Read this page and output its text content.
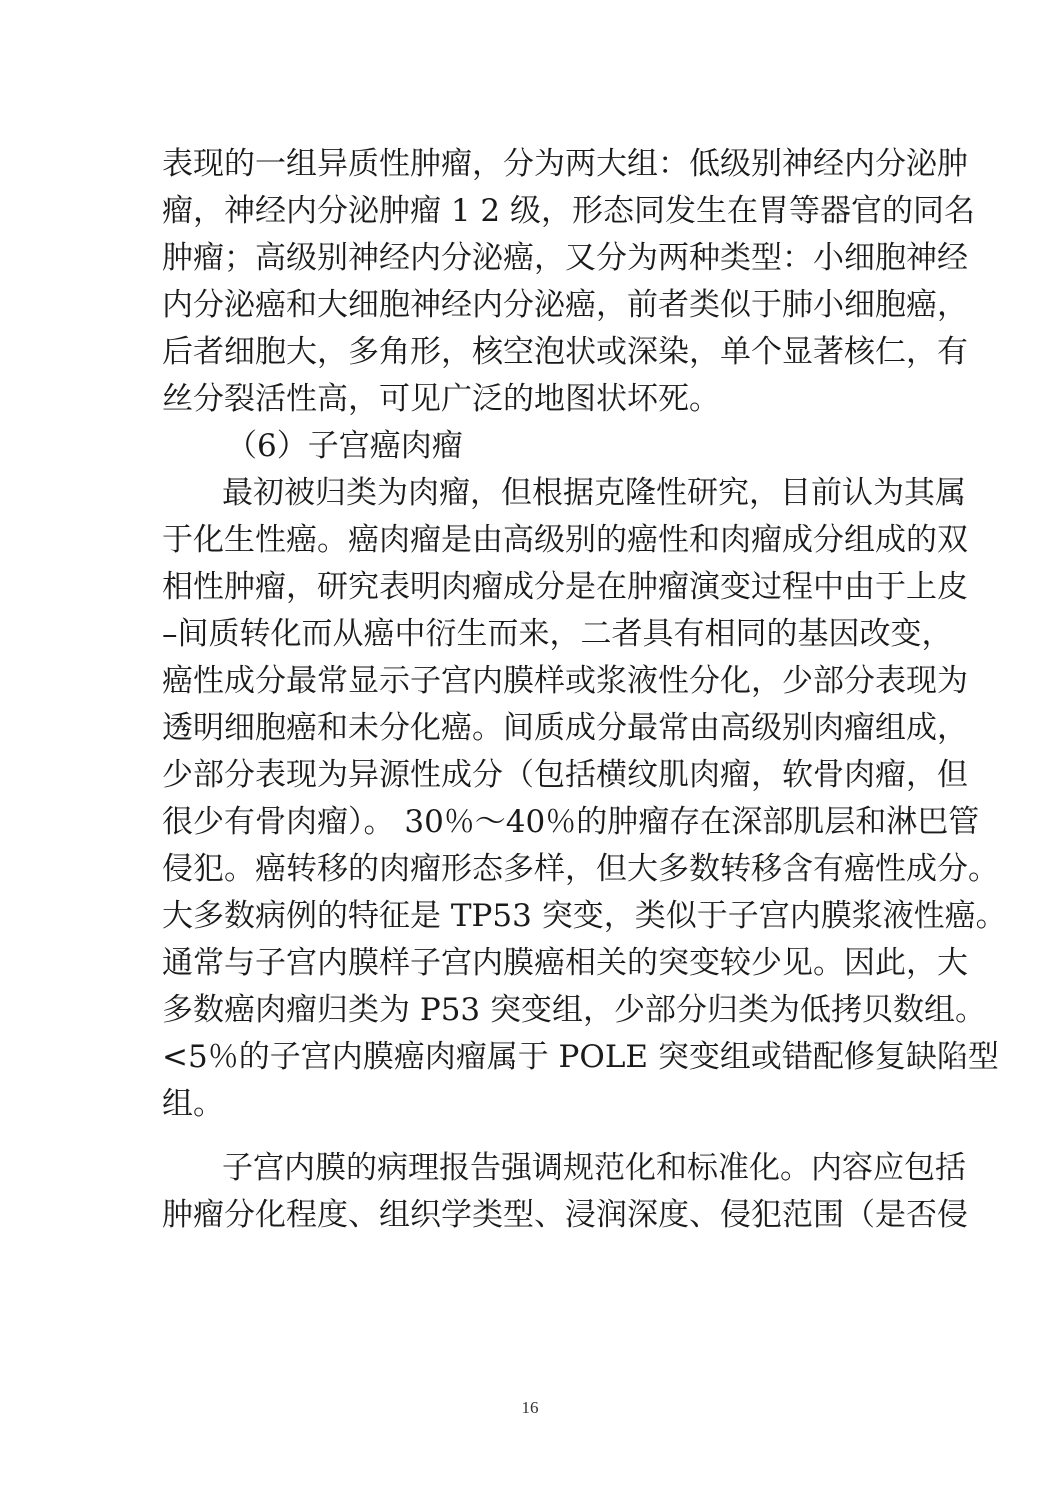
表现的一组异质性肿瘤，分为两大组：低级别神经内分泌肿
瘤，神经内分泌肿瘤 1 2 级，形态同发生在胃等器官的同名
肿瘤；高级别神经内分泌癌，又分为两种类型：小细胞神经
内分泌癌和大细胞神经内分泌癌，前者类似于肺小细胞癌，
后者细胞大，多角形，核空泡状或深染，单个显著核仁，有
丝分裂活性高，可见广泛的地图状坏死。
（6）子宫癌肉瘤
最初被归类为肉瘤，但根据克隆性研究，目前认为其属
于化生性癌。癌肉瘤是由高级别的癌性和肉瘤成分组成的双
相性肿瘤，研究表明肉瘤成分是在肿瘤演变过程中由于上皮
–间质转化而从癌中衍生而来，二者具有相同的基因改变，
癌性成分最常显示子宫内膜样或浆液性分化，少部分表现为
透明细胞癌和未分化癌。间质成分最常由高级别肉瘤组成，
少部分表现为异源性成分（包括横纹肌肉瘤，软骨肉瘤，但
很少有骨肉瘤）。 30％～40％的肿瘤存在深部肌层和淋巴管
侵犯。癌转移的肉瘤形态多样，但大多数转移含有癌性成分。
大多数病例的特征是 TP53 突变，类似于子宫内膜浆液性癌。
通常与子宫内膜样子宫内膜癌相关的突变较少见。因此，大
多数癌肉瘤归类为 P53 突变组，少部分归类为低拷贝数组。
<5％的子宫内膜癌肉瘤属于 POLE 突变组或错配修复缺陷型
组。
子宫内膜的病理报告强调规范化和标准化。内容应包括
肿瘤分化程度、组织学类型、浸润深度、侵犯范围（是否侵
16
